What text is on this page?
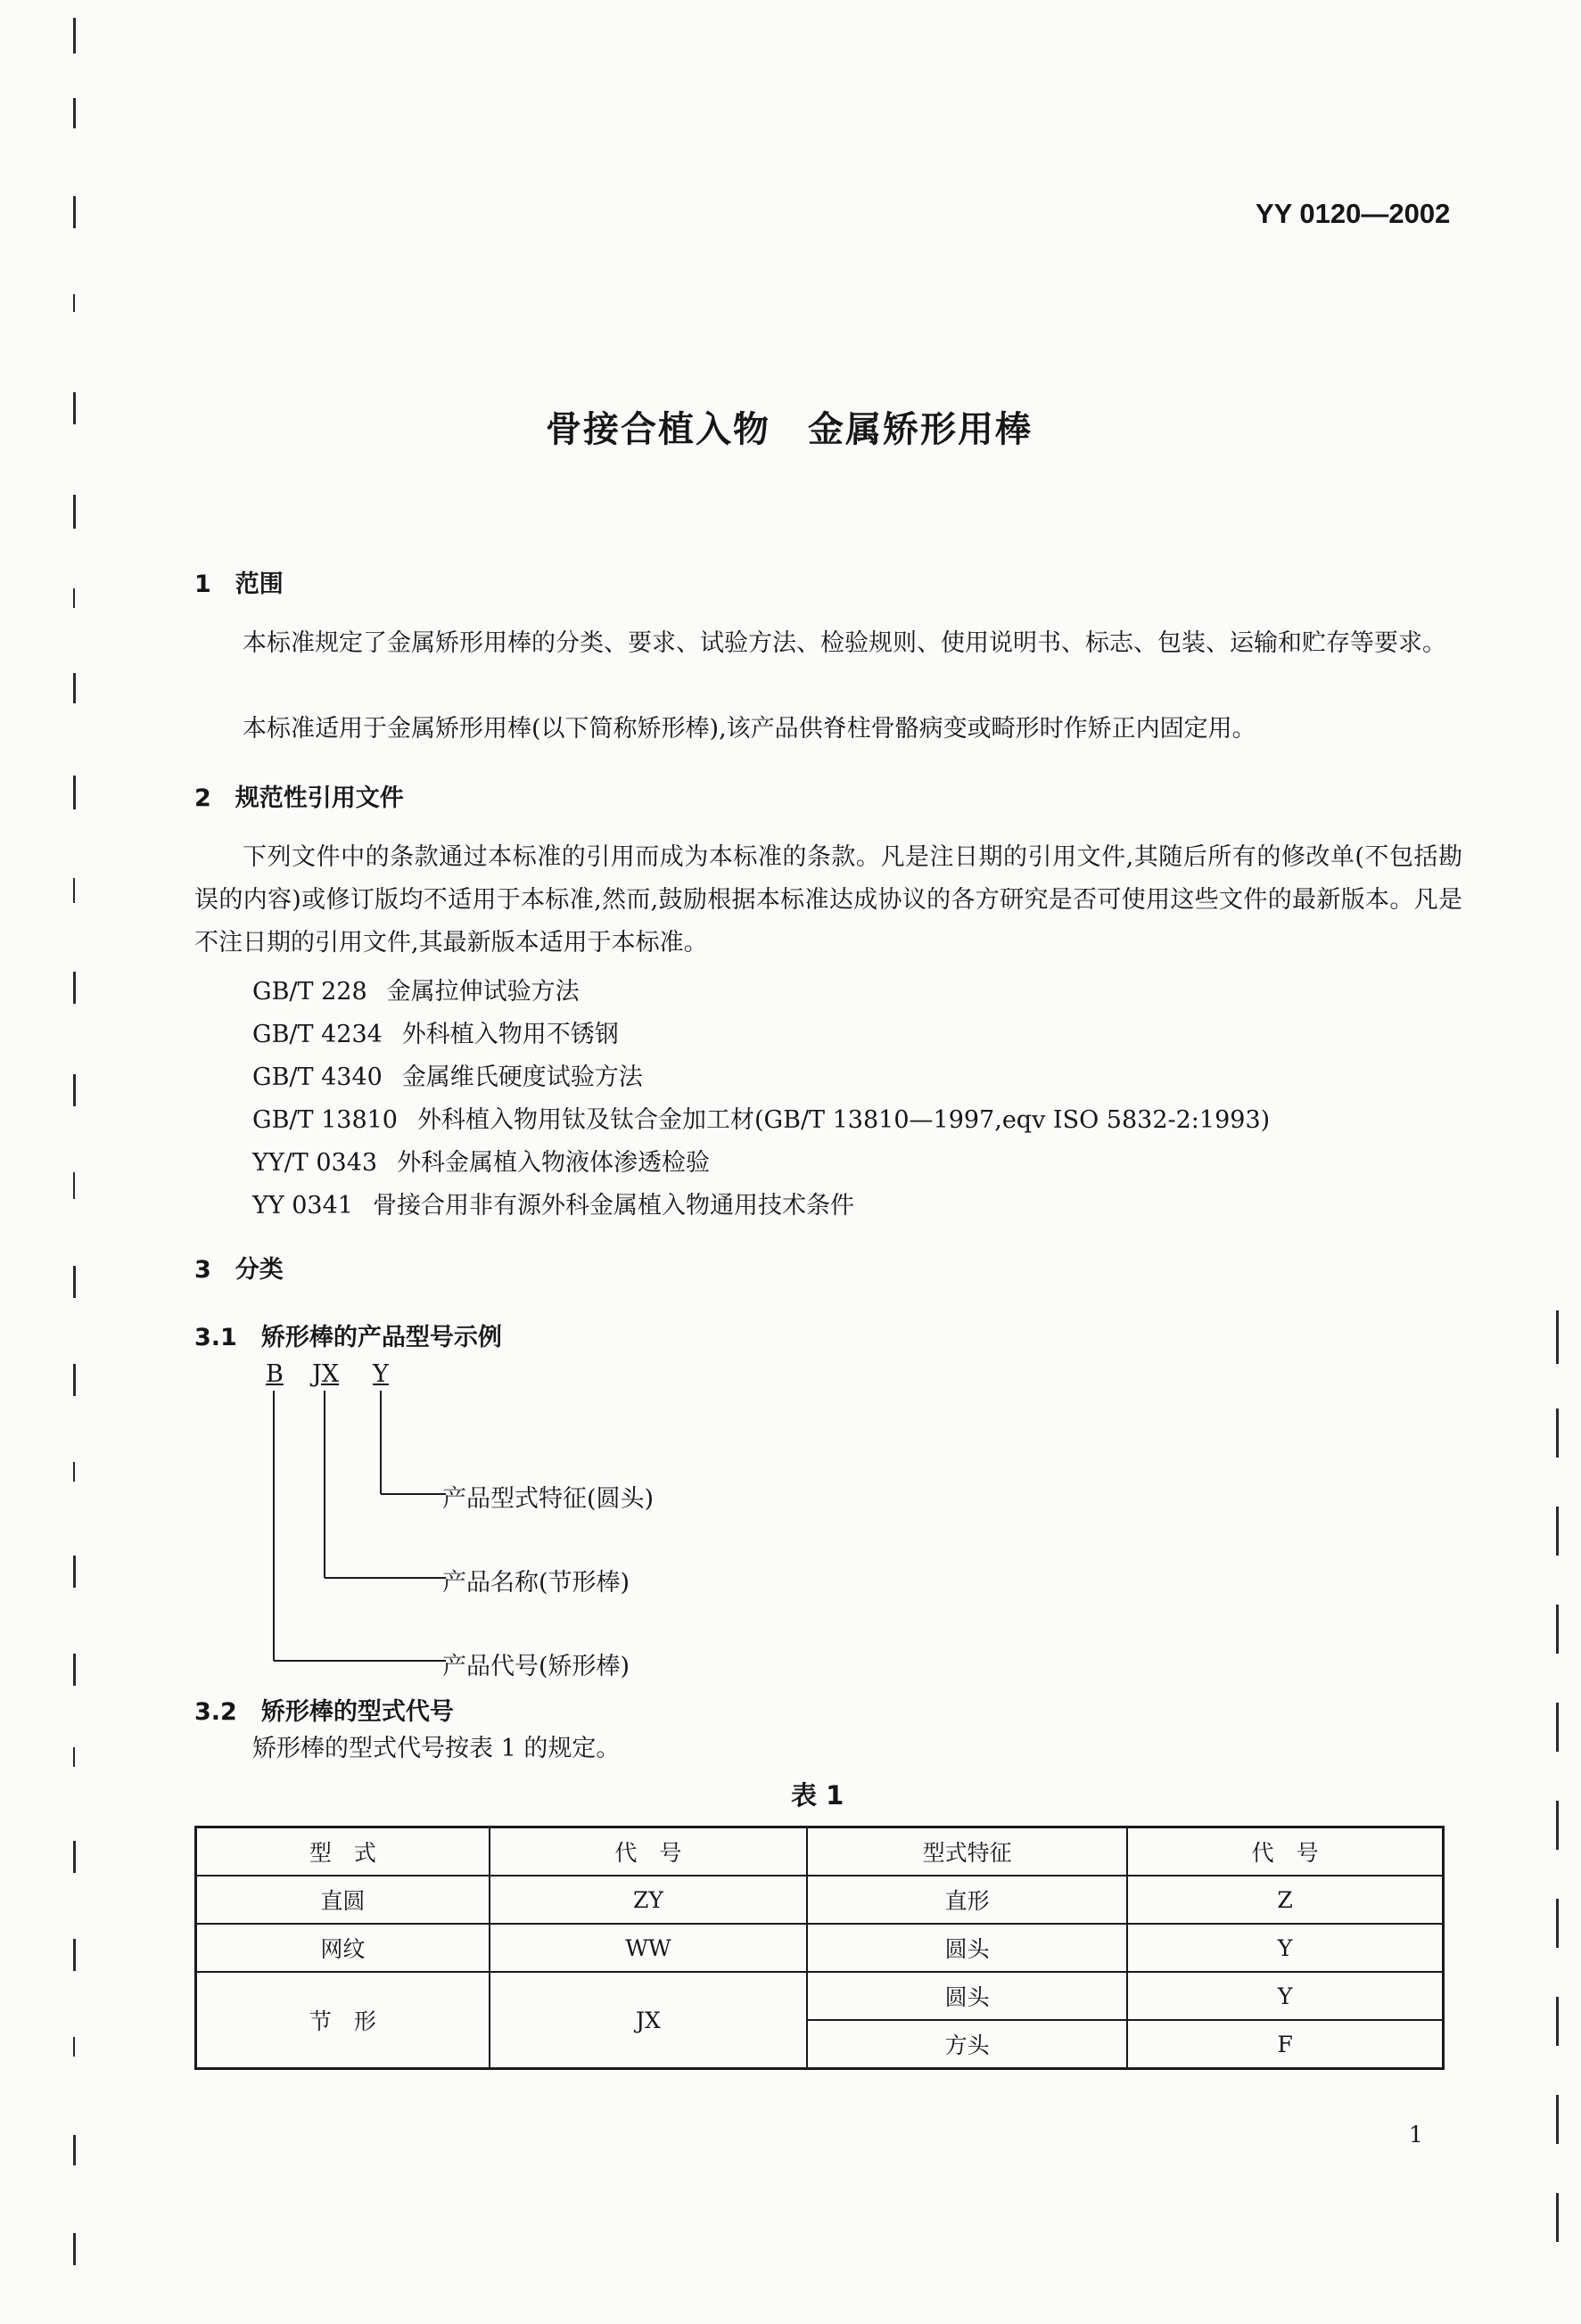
YY 0120—2002
骨接合植入物　 金属矫形用棒
1　 范围
本标准规定了金属矫形用棒的分类、要求、试验方法、检验规则、使用说明书、标志、包装、运输和贮存等要求。
本标准适用于金属矫形用棒(以下简称矫形棒),该产品供脊柱骨骼病变或畸形时作矫正内固定用。
2　 规范性引用文件
下列文件中的条款通过本标准的引用而成为本标准的条款。凡是注日期的引用文件,其随后所有的修改单(不包括勘误的内容)或修订版均不适用于本标准,然而,鼓励根据本标准达成协议的各方研究是否可使用这些文件的最新版本。凡是不注日期的引用文件,其最新版本适用于本标准。
GB/T 228 金属拉伸试验方法
GB/T 4234 外科植入物用不锈钢
GB/T 4340 金属维氏硬度试验方法
GB/T 13810 外科植入物用钛及钛合金加工材(GB/T 13810—1997,eqv ISO 5832-2:1993)
YY/T 0343 外科金属植入物液体渗透检验
YY 0341 骨接合用非有源外科金属植入物通用技术条件
3　 分类
3.1　 矫形棒的产品型号示例
B JX Y
产品型式特征(圆头)
产品名称(节形棒)
产品代号(矫形棒)
3.2　 矫形棒的型式代号
矫形棒的型式代号按表 1 的规定。
表 1
型　式	代　号	型式特征	代　号
直圆	ZY	直形	Z
网纹	WW	圆头	Y
节　形	JX	圆头	Y
		方头	F
1
